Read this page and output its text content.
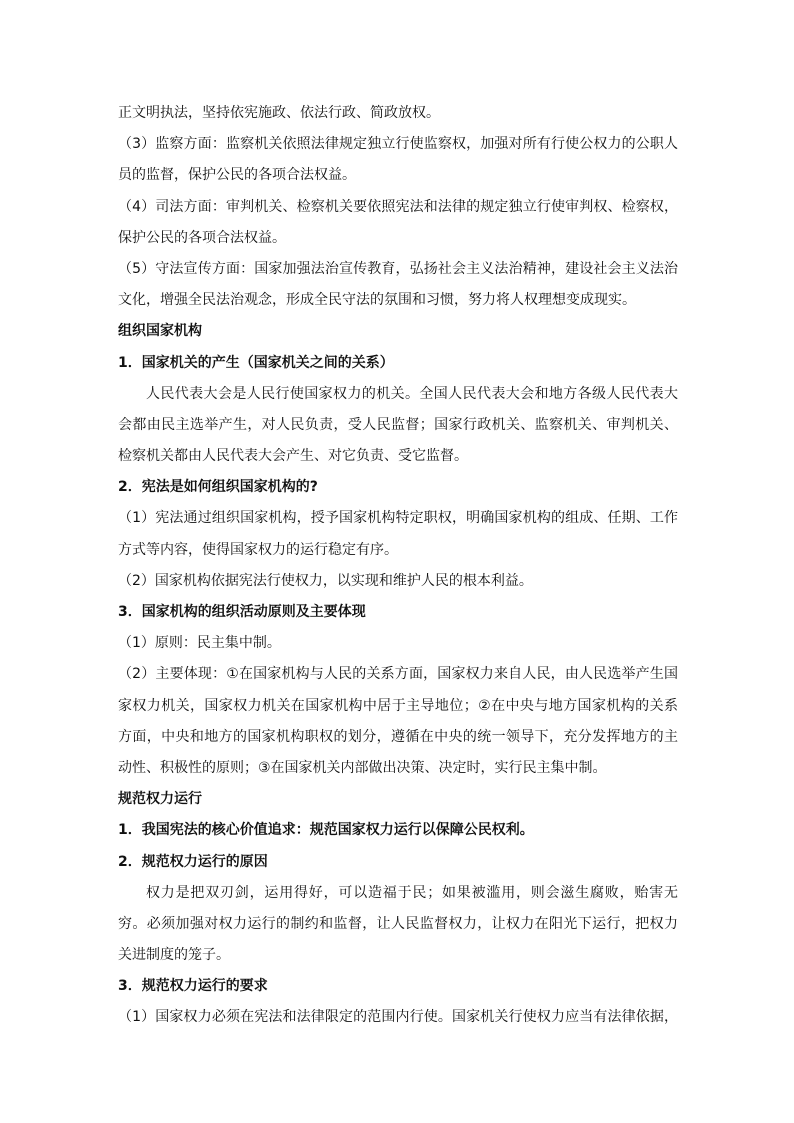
正文明执法，坚持依宪施政、依法行政、简政放权。
（3）监察方面：监察机关依照法律规定独立行使监察权，加强对所有行使公权力的公职人
员的监督，保护公民的各项合法权益。
（4）司法方面：审判机关、检察机关要依照宪法和法律的规定独立行使审判权、检察权，
保护公民的各项合法权益。
（5）守法宣传方面：国家加强法治宣传教育，弘扬社会主义法治精神，建设社会主义法治
文化，增强全民法治观念，形成全民守法的氛围和习惯，努力将人权理想变成现实。
组织国家机构
1．国家机关的产生（国家机关之间的关系）
人民代表大会是人民行使国家权力的机关。全国人民代表大会和地方各级人民代表大
会都由民主选举产生，对人民负责，受人民监督；国家行政机关、监察机关、审判机关、
检察机关都由人民代表大会产生、对它负责、受它监督。
2．宪法是如何组织国家机构的?
（1）宪法通过组织国家机构，授予国家机构特定职权，明确国家机构的组成、任期、工作
方式等内容，使得国家权力的运行稳定有序。
（2）国家机构依据宪法行使权力，以实现和维护人民的根本利益。
3．国家机构的组织活动原则及主要体现
（1）原则：民主集中制。
（2）主要体现：①在国家机构与人民的关系方面，国家权力来自人民，由人民选举产生国
家权力机关，国家权力机关在国家机构中居于主导地位；②在中央与地方国家机构的关系
方面，中央和地方的国家机构职权的划分，遵循在中央的统一领导下，充分发挥地方的主
动性、积极性的原则；③在国家机关内部做出决策、决定时，实行民主集中制。
规范权力运行
1．我国宪法的核心价值追求：规范国家权力运行以保障公民权利。
2．规范权力运行的原因
权力是把双刃剑，运用得好，可以造福于民；如果被滥用，则会滋生腐败，贻害无
穷。必须加强对权力运行的制约和监督，让人民监督权力，让权力在阳光下运行，把权力
关进制度的笼子。
3．规范权力运行的要求
（1）国家权力必须在宪法和法律限定的范围内行使。国家机关行使权力应当有法律依据，
